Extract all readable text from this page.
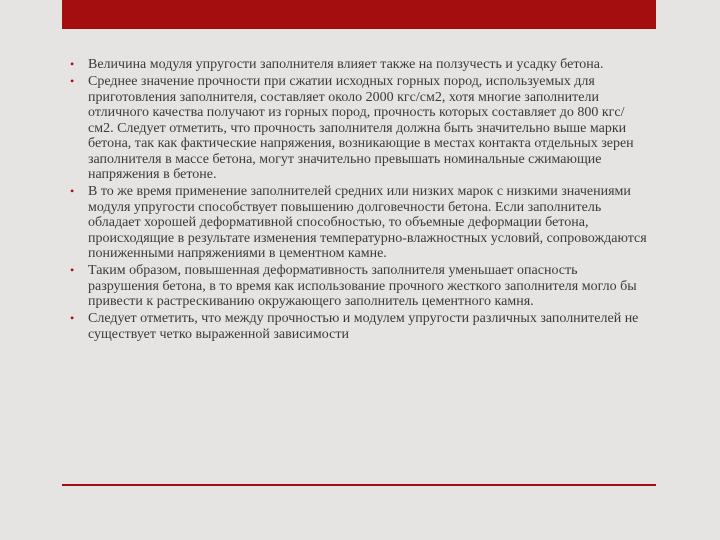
• Величина модуля упругости заполнителя влияет также на ползучесть и усадку бетона.
• Среднее значение прочности при сжатии исходных горных пород, используемых для приготовления заполнителя, составляет около 2000 кгс/см2, хотя многие заполнители отличного качества получают из горных пород, прочность которых составляет до 800 кгс/см2. Следует отметить, что прочность заполнителя должна быть значительно выше марки бетона, так как фактические напряжения, возникающие в местах контакта отдельных зерен заполнителя в массе бетона, могут значительно превышать номинальные сжимающие напряжения в бетоне.
• В то же время применение заполнителей средних или низких марок с низкими значениями модуля упругости способствует повышению долговечности бетона. Если заполнитель обладает хорошей деформативной способностью, то объемные деформации бетона, происходящие в результате изменения температурно-влажностных условий, сопровождаются пониженными напряжениями в цементном камне.
• Таким образом, повышенная деформативность заполнителя уменьшает опасность разрушения бетона, в то время как использование прочного жесткого заполнителя могло бы привести к растрескиванию окружающего заполнитель цементного камня.
• Следует отметить, что между прочностью и модулем упругости различных заполнителей не существует четко выраженной зависимости
